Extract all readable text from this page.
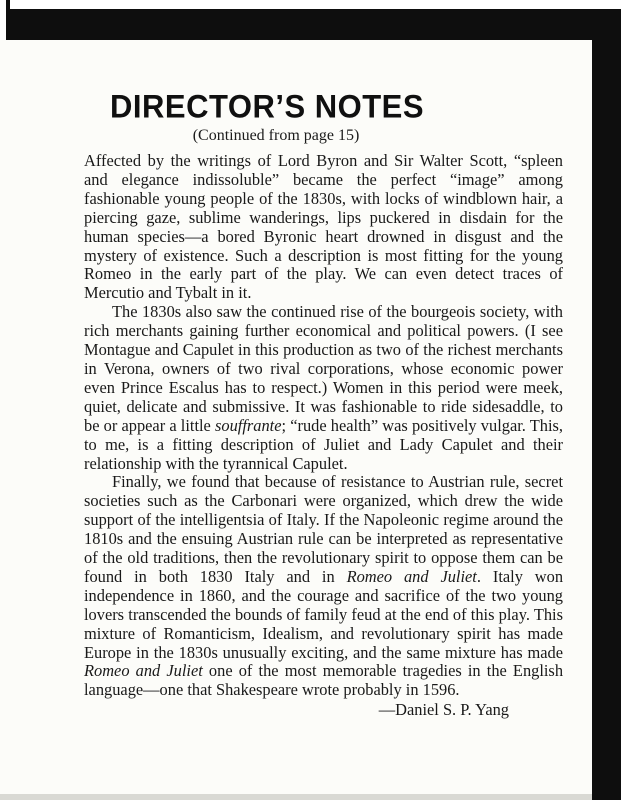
DIRECTOR’S NOTES
(Continued from page 15)

Affected by the writings of Lord Byron and Sir Walter Scott, “spleen and elegance indissoluble” became the perfect “image” among fashionable young people of the 1830s, with locks of windblown hair, a piercing gaze, sublime wanderings, lips puckered in disdain for the human species—a bored Byronic heart drowned in disgust and the mystery of existence. Such a description is most fitting for the young Romeo in the early part of the play. We can even detect traces of Mercutio and Tybalt in it.

The 1830s also saw the continued rise of the bourgeois society, with rich merchants gaining further economical and political powers. (I see Montague and Capulet in this production as two of the richest merchants in Verona, owners of two rival corporations, whose economic power even Prince Escalus has to respect.) Women in this period were meek, quiet, delicate and submissive. It was fashionable to ride sidesaddle, to be or appear a little souffrante; “rude health” was positively vulgar. This, to me, is a fitting description of Juliet and Lady Capulet and their relationship with the tyrannical Capulet.

Finally, we found that because of resistance to Austrian rule, secret societies such as the Carbonari were organized, which drew the wide support of the intelligentsia of Italy. If the Napoleonic regime around the 1810s and the ensuing Austrian rule can be interpreted as representative of the old traditions, then the revolutionary spirit to oppose them can be found in both 1830 Italy and in Romeo and Juliet. Italy won independence in 1860, and the courage and sacrifice of the two young lovers transcended the bounds of family feud at the end of this play. This mixture of Romanticism, Idealism, and revolutionary spirit has made Europe in the 1830s unusually exciting, and the same mixture has made Romeo and Juliet one of the most memorable tragedies in the English language—one that Shakespeare wrote probably in 1596.

—Daniel S. P. Yang
